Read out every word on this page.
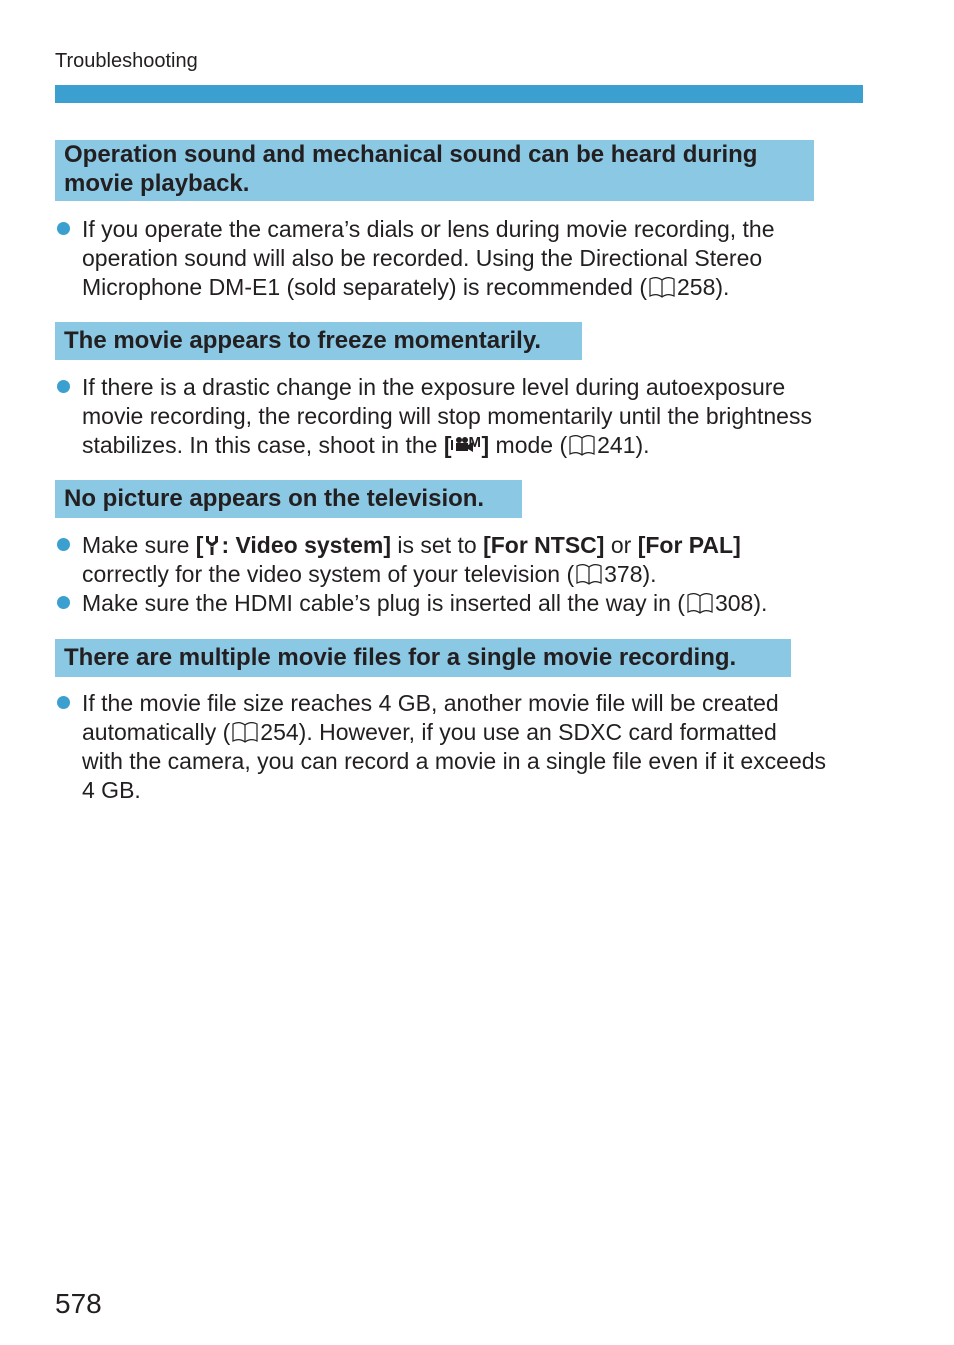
Troubleshooting
Operation sound and mechanical sound can be heard during
movie playback.
If you operate the camera’s dials or lens during movie recording, the
operation sound will also be recorded. Using the Directional Stereo
Microphone DM-E1 (sold separately) is recommended ( 258).
The movie appears to freeze momentarily.
If there is a drastic change in the exposure level during autoexposure
movie recording, the recording will stop momentarily until the brightness
stabilizes. In this case, shoot in the [ M ] mode ( 241).
No picture appears on the television.
Make sure [ : Video system] is set to [For NTSC] or [For PAL]
correctly for the video system of your television ( 378).
Make sure the HDMI cable’s plug is inserted all the way in ( 308).
There are multiple movie files for a single movie recording.
If the movie file size reaches 4 GB, another movie file will be created
automatically ( 254). However, if you use an SDXC card formatted
with the camera, you can record a movie in a single file even if it exceeds
4 GB.
578
